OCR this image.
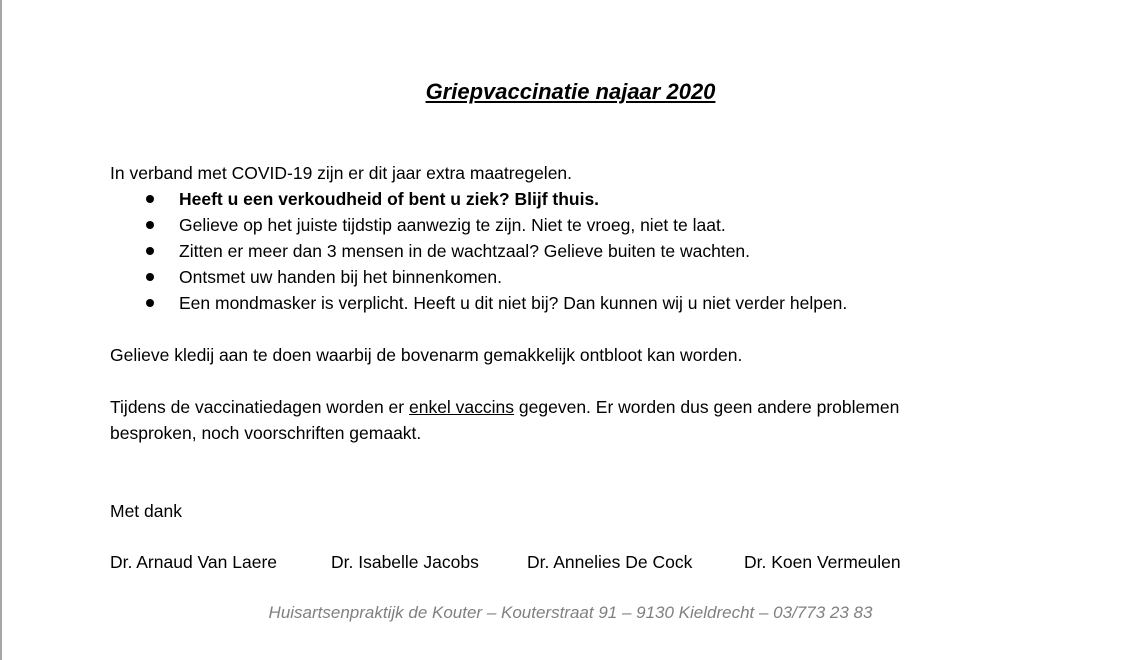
Griepvaccinatie najaar 2020
In verband met COVID-19 zijn er dit jaar extra maatregelen.
Heeft u een verkoudheid of bent u ziek? Blijf thuis.
Gelieve op het juiste tijdstip aanwezig te zijn. Niet te vroeg, niet te laat.
Zitten er meer dan 3 mensen in de wachtzaal? Gelieve buiten te wachten.
Ontsmet uw handen bij het binnenkomen.
Een mondmasker is verplicht. Heeft u dit niet bij? Dan kunnen wij u niet verder helpen.
Gelieve kledij aan te doen waarbij de bovenarm gemakkelijk ontbloot kan worden.
Tijdens de vaccinatiedagen worden er enkel vaccins gegeven. Er worden dus geen andere problemen
besproken, noch voorschriften gemaakt.
Met dank
Dr. Arnaud Van Laere	Dr. Isabelle Jacobs	Dr. Annelies De Cock	Dr. Koen Vermeulen
Huisartsenpraktijk de Kouter – Kouterstraat 91 – 9130 Kieldrecht – 03/773 23 83
